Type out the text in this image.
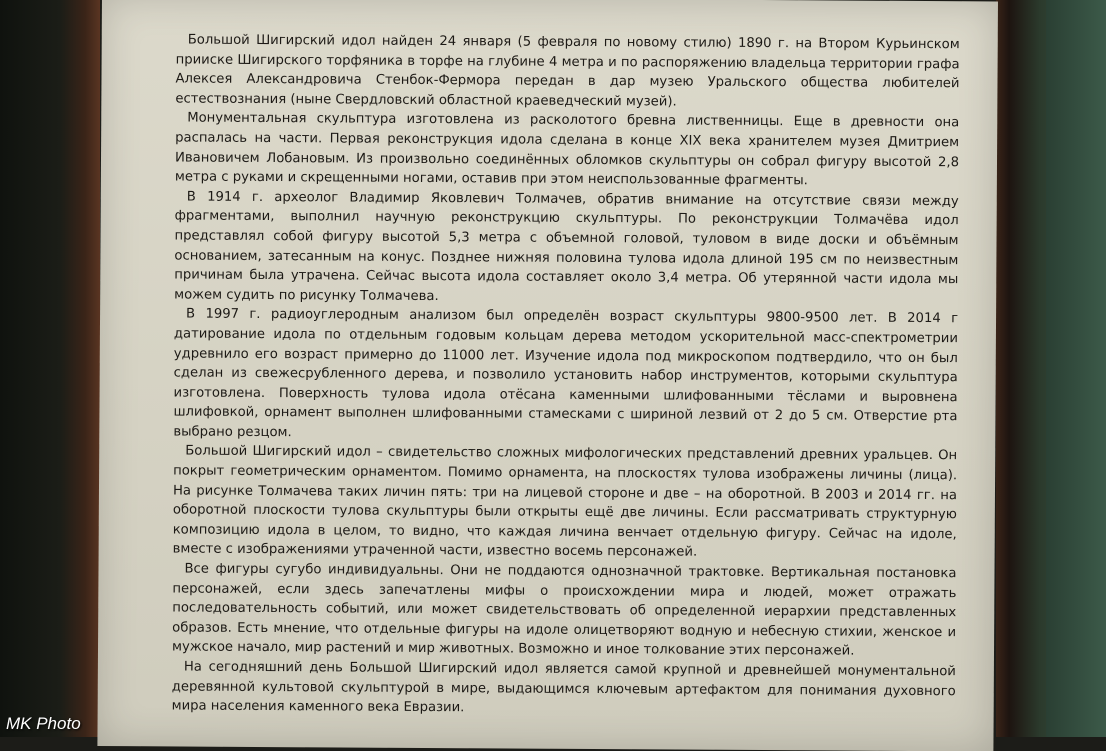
Большой Шигирский идол найден 24 января (5 февраля по новому стилю) 1890 г. на Втором Курьинском прииске Шигирского торфяника в торфе на глубине 4 метра и по распоряжению владельца территории графа Алексея Александровича Стенбок-Фермора передан в дар музею Уральского общества любителей естествознания (ныне Свердловский областной краеведческий музей).

Монументальная скульптура изготовлена из расколотого бревна лиственницы. Еще в древности она распалась на части. Первая реконструкция идола сделана в конце XIX века хранителем музея Дмитрием Ивановичем Лобановым. Из произвольно соединённых обломков скульптуры он собрал фигуру высотой 2,8 метра с руками и скрещенными ногами, оставив при этом неиспользованные фрагменты.

В 1914 г. археолог Владимир Яковлевич Толмачев, обратив внимание на отсутствие связи между фрагментами, выполнил научную реконструкцию скульптуры. По реконструкции Толмачёва идол представлял собой фигуру высотой 5,3 метра с объемной головой, туловом в виде доски и объёмным основанием, затесанным на конус. Позднее нижняя половина тулова идола длиной 195 см по неизвестным причинам была утрачена. Сейчас высота идола составляет около 3,4 метра. Об утерянной части идола мы можем судить по рисунку Толмачева.

В 1997 г. радиоуглеродным анализом был определён возраст скульптуры 9800-9500 лет. В 2014 г датирование идола по отдельным годовым кольцам дерева методом ускорительной масс-спектрометрии удревнило его возраст примерно до 11000 лет. Изучение идола под микроскопом подтвердило, что он был сделан из свежесрубленного дерева, и позволило установить набор инструментов, которыми скульптура изготовлена. Поверхность тулова идола отёсана каменными шлифованными тёслами и выровнена шлифовкой, орнамент выполнен шлифованными стамесками с шириной лезвий от 2 до 5 см. Отверстие рта выбрано резцом.

Большой Шигирский идол – свидетельство сложных мифологических представлений древних уральцев. Он покрыт геометрическим орнаментом. Помимо орнамента, на плоскостях тулова изображены личины (лица). На рисунке Толмачева таких личин пять: три на лицевой стороне и две – на оборотной. В 2003 и 2014 гг. на оборотной плоскости тулова скульптуры были открыты ещё две личины. Если рассматривать структурную композицию идола в целом, то видно, что каждая личина венчает отдельную фигуру. Сейчас на идоле, вместе с изображениями утраченной части, известно восемь персонажей.

Все фигуры сугубо индивидуальны. Они не поддаются однозначной трактовке. Вертикальная постановка персонажей, если здесь запечатлены мифы о происхождении мира и людей, может отражать последовательность событий, или может свидетельствовать об определенной иерархии представленных образов. Есть мнение, что отдельные фигуры на идоле олицетворяют водную и небесную стихии, женское и мужское начало, мир растений и мир животных. Возможно и иное толкование этих персонажей.

На сегодняшний день Большой Шигирский идол является самой крупной и древнейшей монументальной деревянной культовой скульптурой в мире, выдающимся ключевым артефактом для понимания духовного мира населения каменного века Евразии.

MK Photo
